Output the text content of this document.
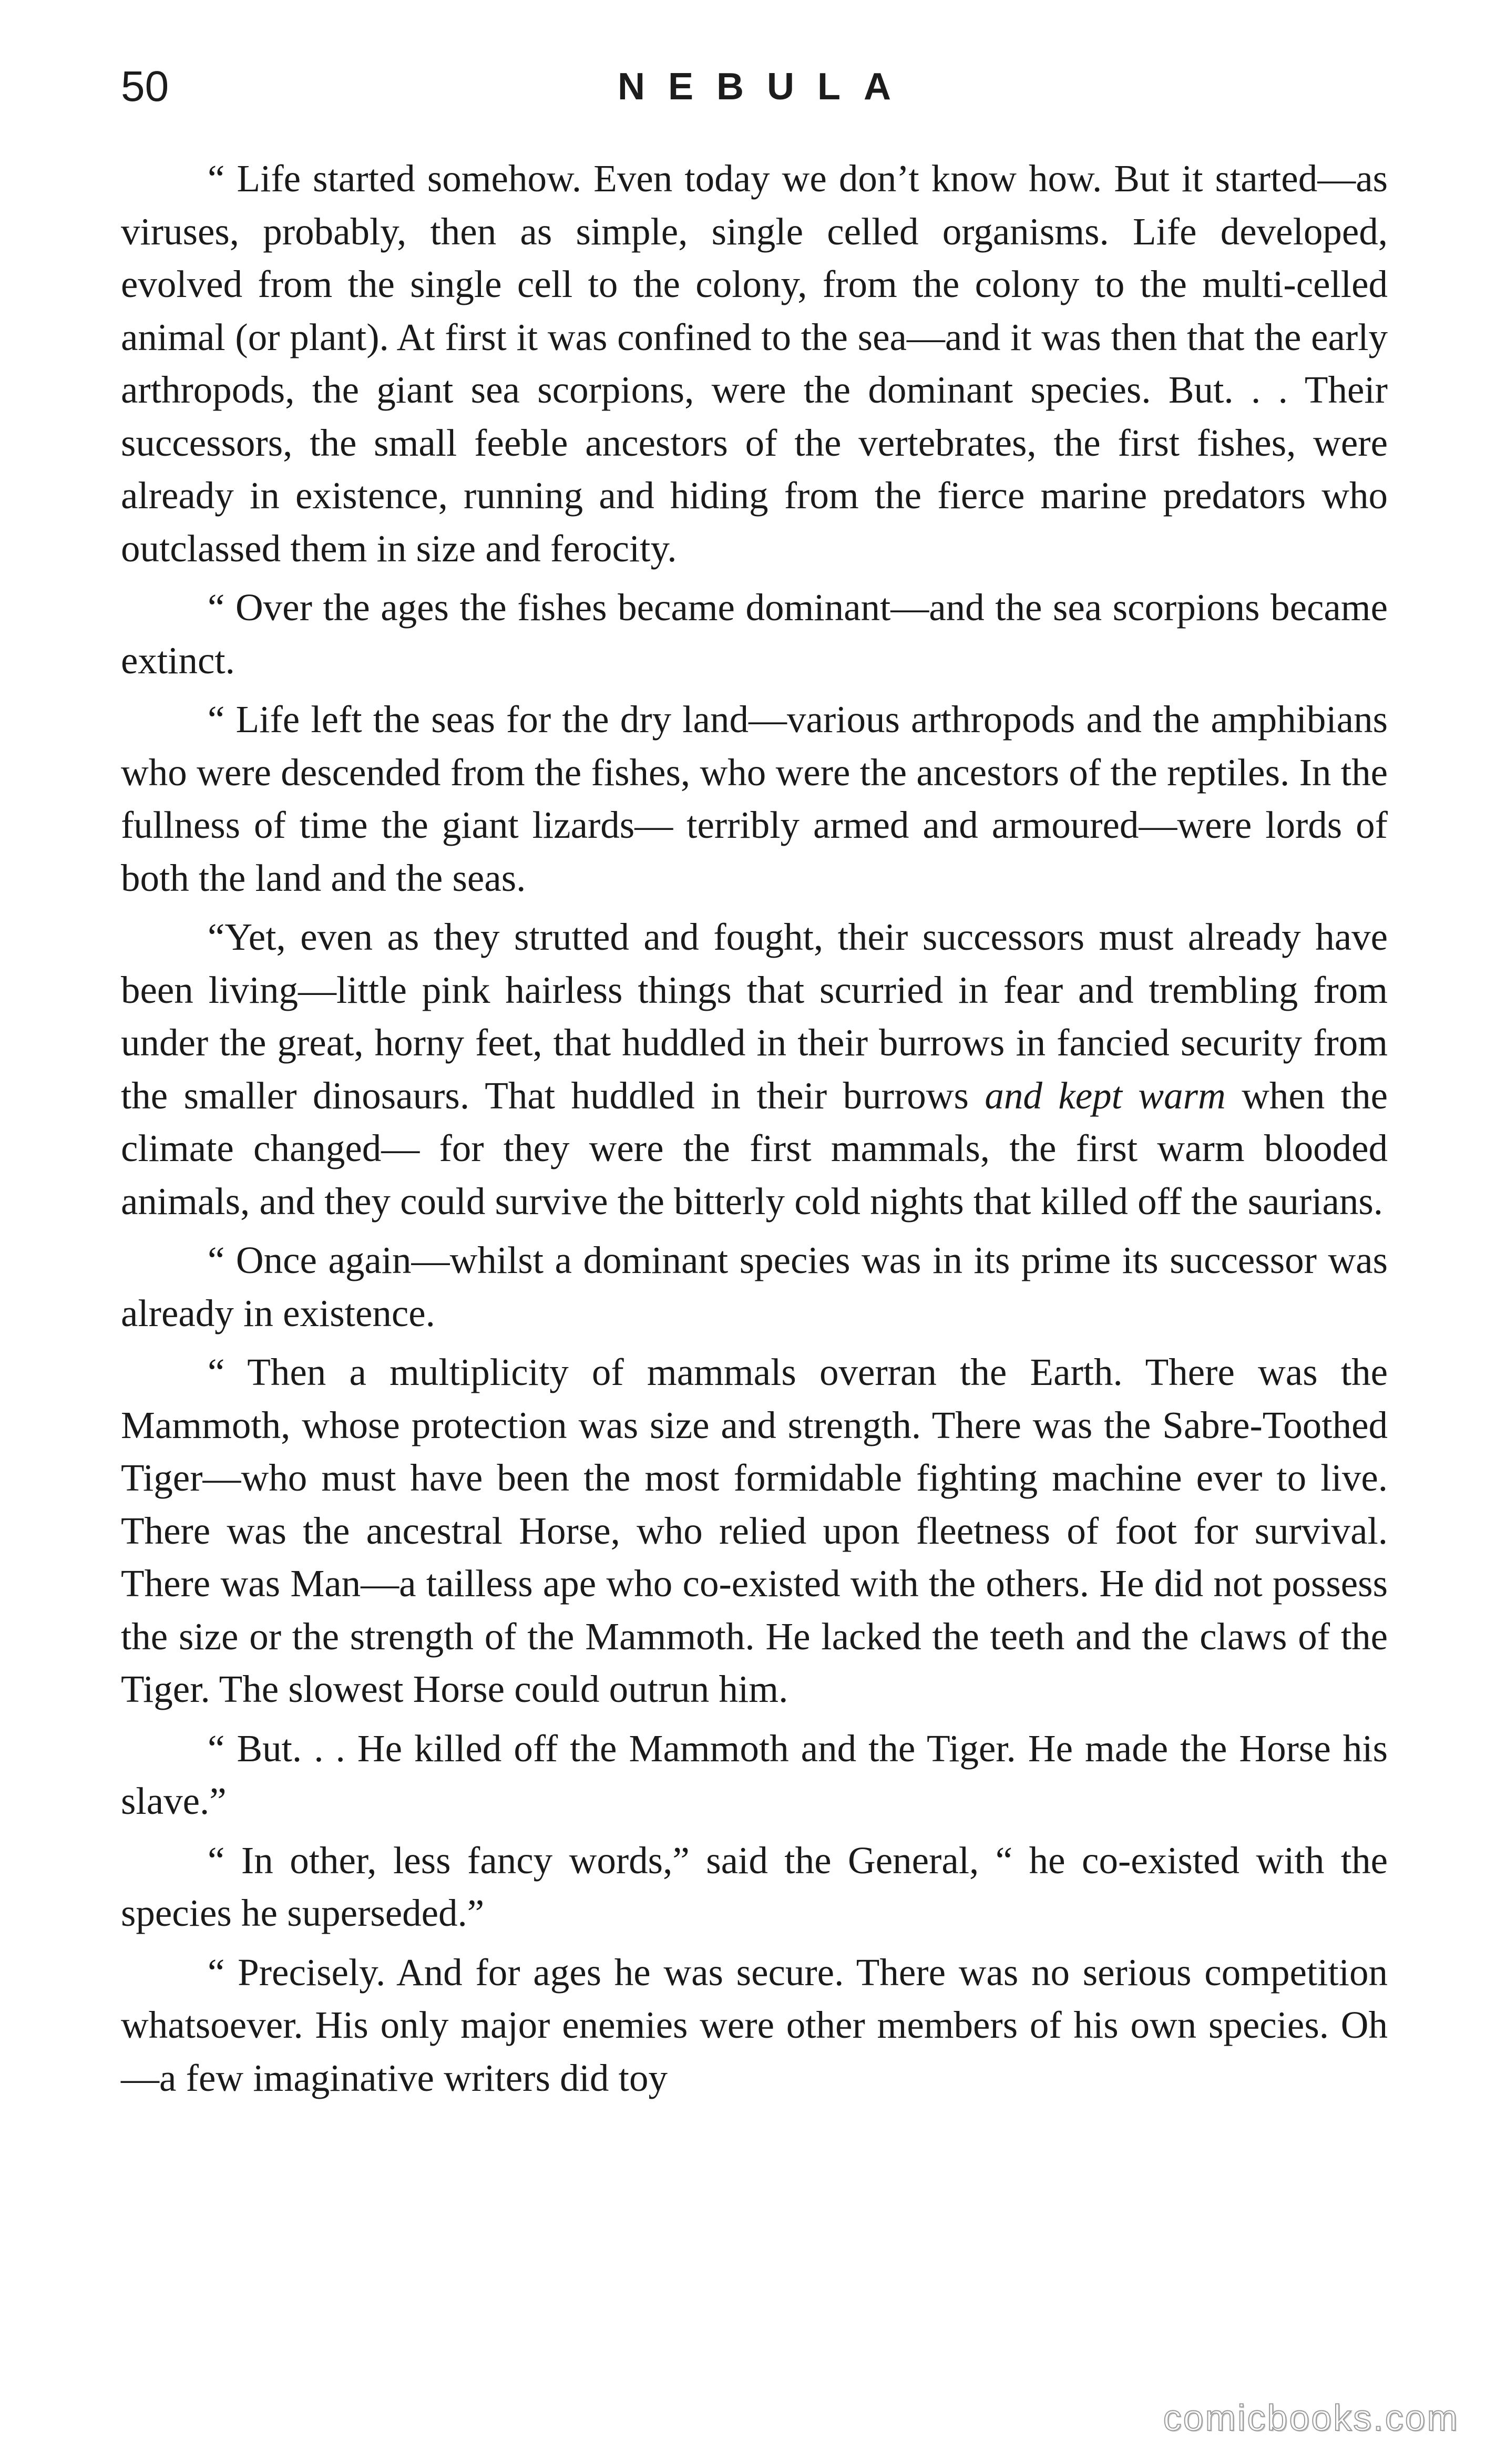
50	NEBULA

“ Life started somehow. Even today we don’t know how. But it started—as viruses, probably, then as simple, single celled organisms. Life developed, evolved from the single cell to the colony, from the colony to the multi-celled animal (or plant). At first it was confined to the sea—and it was then that the early arthropods, the giant sea scorpions, were the dominant species. But. . . Their successors, the small feeble ancestors of the vertebrates, the first fishes, were already in existence, running and hiding from the fierce marine predators who outclassed them in size and ferocity.

“ Over the ages the fishes became dominant—and the sea scorpions became extinct.

“ Life left the seas for the dry land—various arthropods and the amphibians who were descended from the fishes, who were the ancestors of the reptiles. In the fullness of time the giant lizards— terribly armed and armoured—were lords of both the land and the seas.

“Yet, even as they strutted and fought, their successors must already have been living—little pink hairless things that scurried in fear and trembling from under the great, horny feet, that huddled in their burrows in fancied security from the smaller dinosaurs. That huddled in their burrows and kept warm when the climate changed— for they were the first mammals, the first warm blooded animals, and they could survive the bitterly cold nights that killed off the saurians.

“ Once again—whilst a dominant species was in its prime its successor was already in existence.

“ Then a multiplicity of mammals overran the Earth. There was the Mammoth, whose protection was size and strength. There was the Sabre-Toothed Tiger—who must have been the most formidable fighting machine ever to live. There was the ancestral Horse, who relied upon fleetness of foot for survival. There was Man—a tailless ape who co-existed with the others. He did not possess the size or the strength of the Mammoth. He lacked the teeth and the claws of the Tiger. The slowest Horse could outrun him.

“ But. . . He killed off the Mammoth and the Tiger. He made the Horse his slave.”

“ In other, less fancy words,” said the General, “ he co-existed with the species he superseded.”

“ Precisely. And for ages he was secure. There was no serious competition whatsoever. His only major enemies were other members of his own species. Oh—a few imaginative writers did toy

comicbooks.com
